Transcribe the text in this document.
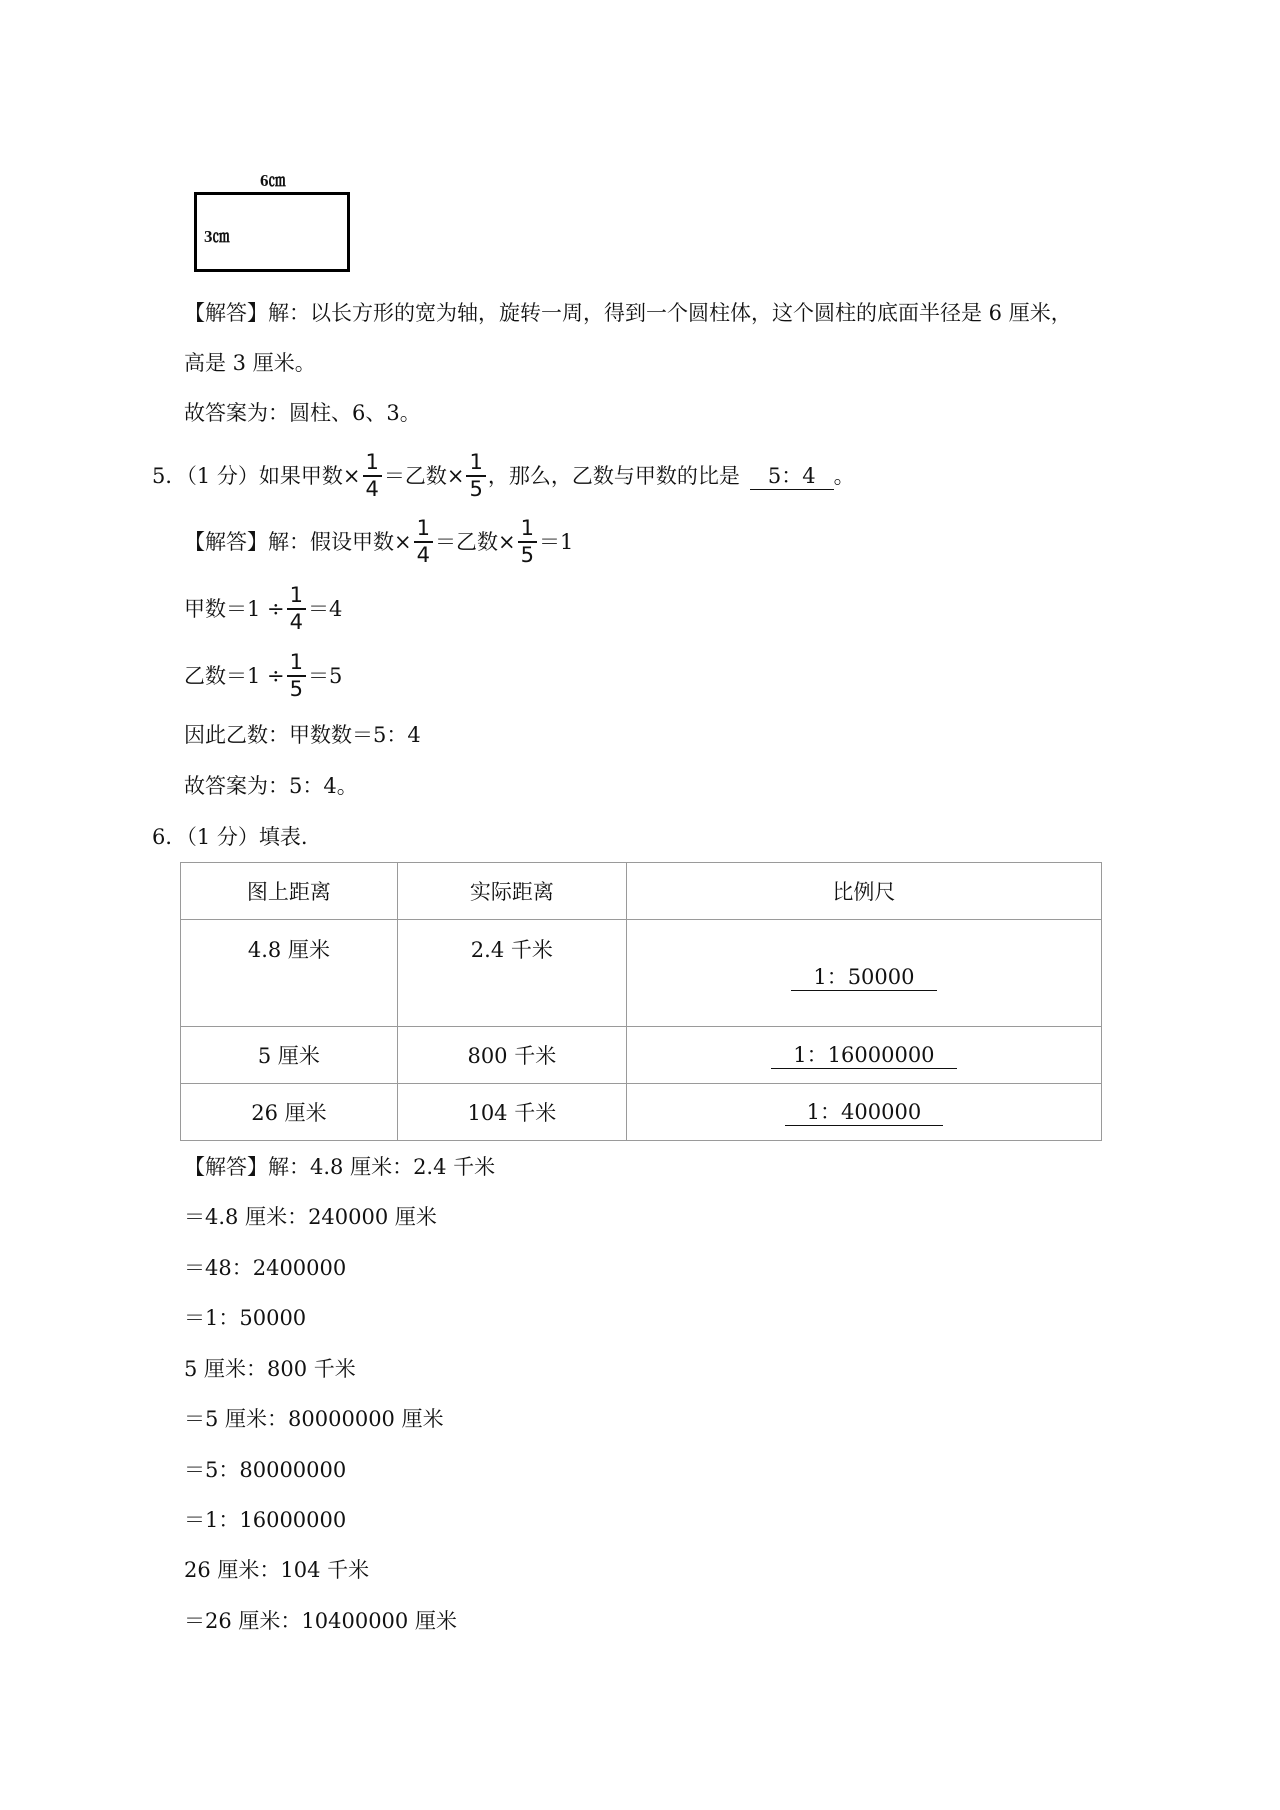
6㎝
3㎝
【解答】解：以长方形的宽为轴，旋转一周，得到一个圆柱体，这个圆柱的底面半径是 6 厘米，
高是 3 厘米。
故答案为：圆柱、6、3。
5．（1 分）如果甲数× $\frac{1}{4}$ ＝乙数× $\frac{1}{5}$ ，那么，乙数与甲数的比是	5：4 。
【解答】解：假设甲数× $\frac{1}{4}$ ＝乙数× $\frac{1}{5} =1$
甲数$=1 \div \frac{1}{4} =4$
乙数$=1 \div \frac{1}{5} =5$
因此乙数：甲数数＝5：4
故答案为：5：4。
6．（1 分）填表.
图上距离	实际距离	比例尺

4.8 厘米	2.4 千米	1：50000

5 厘米	800 千米	1：16000000
26 厘米	104 千米	1：400000
【解答】解：4.8 厘米：2.4 千米
＝4.8 厘米：240000 厘米
＝48：2400000
＝1：50000
5 厘米：800 千米
＝5 厘米：80000000 厘米
＝5：80000000
＝1：16000000
26 厘米：104 千米
＝26 厘米：10400000 厘米
